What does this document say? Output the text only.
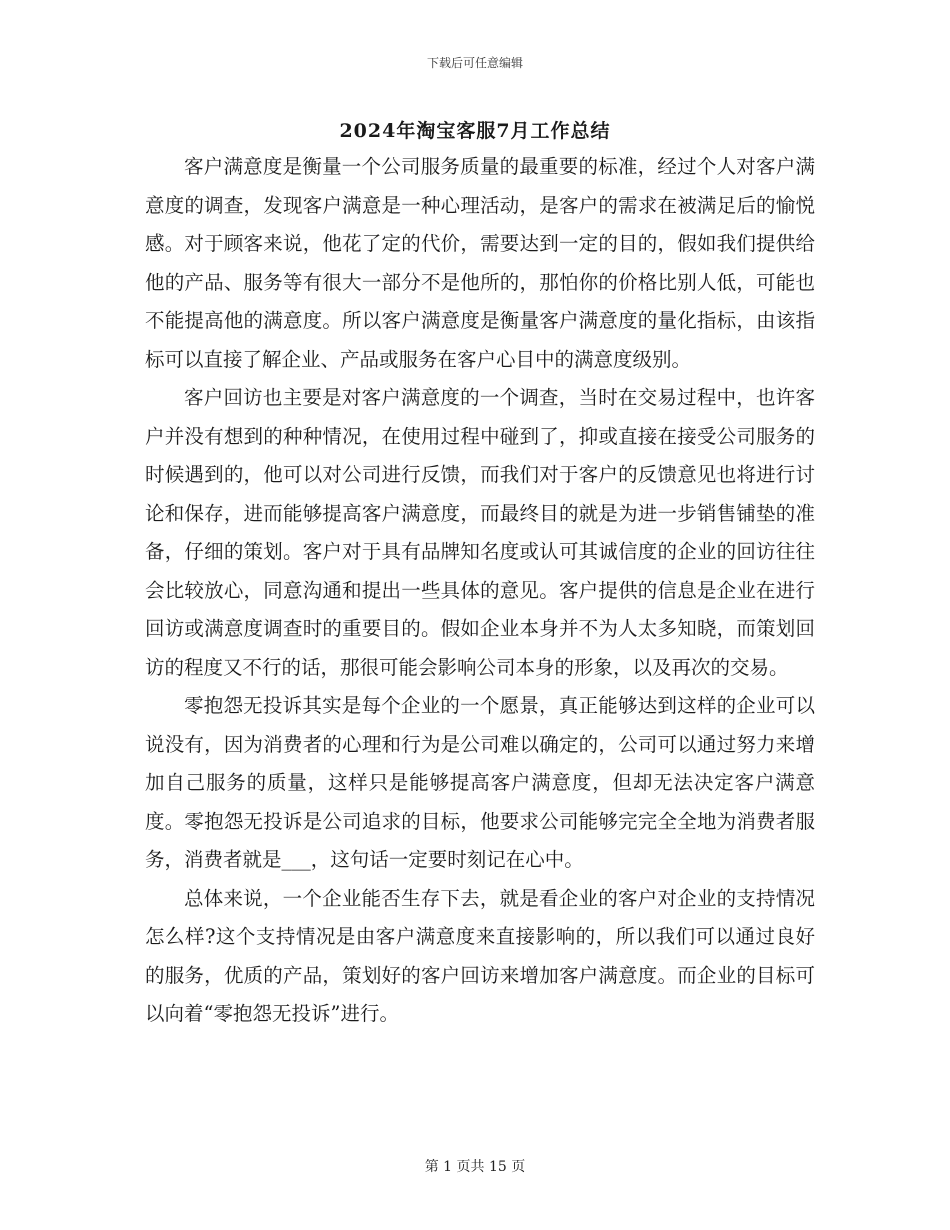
下载后可任意编辑
2024年淘宝客服7月工作总结

客户满意度是衡量一个公司服务质量的最重要的标准，经过个人对客户满意度的调查，发现客户满意是一种心理活动，是客户的需求在被满足后的愉悦感。对于顾客来说，他花了定的代价，需要达到一定的目的，假如我们提供给他的产品、服务等有很大一部分不是他所的，那怕你的价格比别人低，可能也不能提高他的满意度。所以客户满意度是衡量客户满意度的量化指标，由该指标可以直接了解企业、产品或服务在客户心目中的满意度级别。

客户回访也主要是对客户满意度的一个调查，当时在交易过程中，也许客户并没有想到的种种情况，在使用过程中碰到了，抑或直接在接受公司服务的时候遇到的，他可以对公司进行反馈，而我们对于客户的反馈意见也将进行讨论和保存，进而能够提高客户满意度，而最终目的就是为进一步销售铺垫的准备，仔细的策划。客户对于具有品牌知名度或认可其诚信度的企业的回访往往会比较放心，同意沟通和提出一些具体的意见。客户提供的信息是企业在进行回访或满意度调查时的重要目的。假如企业本身并不为人太多知晓，而策划回访的程度又不行的话，那很可能会影响公司本身的形象，以及再次的交易。

零抱怨无投诉其实是每个企业的一个愿景，真正能够达到这样的企业可以说没有，因为消费者的心理和行为是公司难以确定的，公司可以通过努力来增加自己服务的质量，这样只是能够提高客户满意度，但却无法决定客户满意度。零抱怨无投诉是公司追求的目标，他要求公司能够完完全全地为消费者服务，消费者就是___，这句话一定要时刻记在心中。

总体来说，一个企业能否生存下去，就是看企业的客户对企业的支持情况怎么样?这个支持情况是由客户满意度来直接影响的，所以我们可以通过良好的服务，优质的产品，策划好的客户回访来增加客户满意度。而企业的目标可以向着“零抱怨无投诉”进行。

第 1 页共 15 页
